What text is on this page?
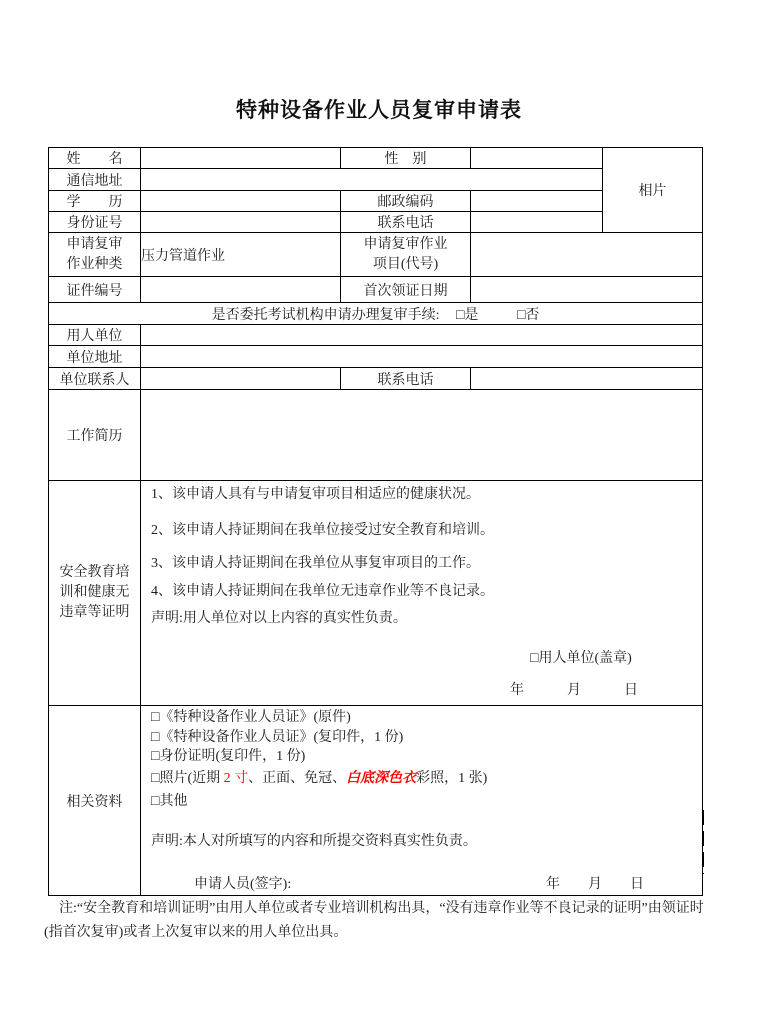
特种设备作业人员复审申请表
姓　　名		性　别		相片
通信地址				
学　　历		邮政编码		
身份证号		联系电话		

申请复审
作业种类	压力管道作业	申请复审作业
项目(代号)		

证件编号		首次领证日期		
是否委托考试机构申请办理复审手续: □是 □否				
用人单位				
单位地址				
单位联系人		联系电话		
工作简历				

安全教育培
训和健康无
违章等证明

1、该申请人具有与申请复审项目相适应的健康状况。
2、该申请人持证期间在我单位接受过安全教育和培训。
3、该申请人持证期间在我单位从事复审项目的工作。
4、该申请人持证期间在我单位无违章作业等不良记录。
声明:用人单位对以上内容的真实性负责。
□用人单位(盖章)
年　　月　　日

相关资料	
□《特种设备作业人员证》(原件)
□《特种设备作业人员证》(复印件，1 份)
□身份证明(复印件，1 份)
□照片(近期 2 寸、正面、免冠、白底深色衣彩照，1 张)
□其他
声明:本人对所填写的内容和所提交资料真实性负责。
申请人员(签字):	年　　月　　日
注:“安全教育和培训证明”由用人单位或者专业培训机构出具，“没有违章作业等不良记录的证明”由领证时(指首次复审)或者上次复审以来的用人单位出具。
